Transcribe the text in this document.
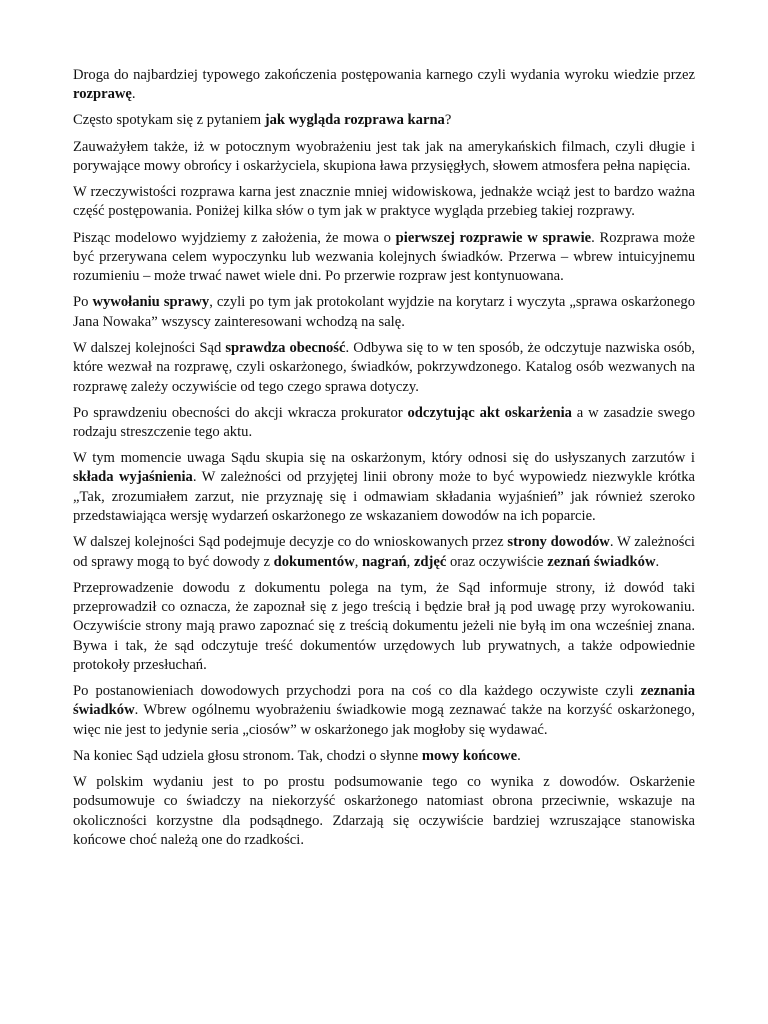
Droga do najbardziej typowego zakończenia postępowania karnego czyli wydania wyroku wiedzie przez rozprawę.

Często spotykam się z pytaniem jak wygląda rozprawa karna?

Zauważyłem także, iż w potocznym wyobrażeniu jest tak jak na amerykańskich filmach, czyli długie i porywające mowy obrońcy i oskarżyciela, skupiona ława przysięgłych, słowem atmosfera pełna napięcia.

W rzeczywistości rozprawa karna jest znacznie mniej widowiskowa, jednakże wciąż jest to bardzo ważna część postępowania. Poniżej kilka słów o tym jak w praktyce wygląda przebieg takiej rozprawy.

Pisząc modelowo wyjdziemy z założenia, że mowa o pierwszej rozprawie w sprawie. Rozprawa może być przerywana celem wypoczynku lub wezwania kolejnych świadków. Przerwa – wbrew intuicyjnemu rozumieniu – może trwać nawet wiele dni. Po przerwie rozpraw jest kontynuowana.

Po wywołaniu sprawy, czyli po tym jak protokolant wyjdzie na korytarz i wyczyta „sprawa oskarżonego Jana Nowaka” wszyscy zainteresowani wchodzą na salę.

W dalszej kolejności Sąd sprawdza obecność. Odbywa się to w ten sposób, że odczytuje nazwiska osób, które wezwał na rozprawę, czyli oskarżonego, świadków, pokrzywdzonego. Katalog osób wezwanych na rozprawę zależy oczywiście od tego czego sprawa dotyczy.

Po sprawdzeniu obecności do akcji wkracza prokurator odczytując akt oskarżenia a w zasadzie swego rodzaju streszczenie tego aktu.

W tym momencie uwaga Sądu skupia się na oskarżonym, który odnosi się do usłyszanych zarzutów i składa wyjaśnienia. W zależności od przyjętej linii obrony może to być wypowiedz niezwykle krótka „Tak, zrozumiałem zarzut, nie przyznaję się i odmawiam składania wyjaśnień” jak również szeroko przedstawiająca wersję wydarzeń oskarżonego ze wskazaniem dowodów na ich poparcie.

W dalszej kolejności Sąd podejmuje decyzje co do wnioskowanych przez strony dowodów. W zależności od sprawy mogą to być dowody z dokumentów, nagrań, zdjęć oraz oczywiście zeznań świadków.

Przeprowadzenie dowodu z dokumentu polega na tym, że Sąd informuje strony, iż dowód taki przeprowadził co oznacza, że zapoznał się z jego treścią i będzie brał ją pod uwagę przy wyrokowaniu. Oczywiście strony mają prawo zapoznać się z treścią dokumentu jeżeli nie byłą im ona wcześniej znana. Bywa i tak, że sąd odczytuje treść dokumentów urzędowych lub prywatnych, a także odpowiednie protokoły przesłuchań.

Po postanowieniach dowodowych przychodzi pora na coś co dla każdego oczywiste czyli zeznania świadków. Wbrew ogólnemu wyobrażeniu świadkowie mogą zeznawać także na korzyść oskarżonego, więc nie jest to jedynie seria „ciosów” w oskarżonego jak mogłoby się wydawać.

Na koniec Sąd udziela głosu stronom. Tak, chodzi o słynne mowy końcowe.

W polskim wydaniu jest to po prostu podsumowanie tego co wynika z dowodów. Oskarżenie podsumowuje co świadczy na niekorzyść oskarżonego natomiast obrona przeciwnie, wskazuje na okoliczności korzystne dla podsądnego. Zdarzają się oczywiście bardziej wzruszające stanowiska końcowe choć należą one do rzadkości.
